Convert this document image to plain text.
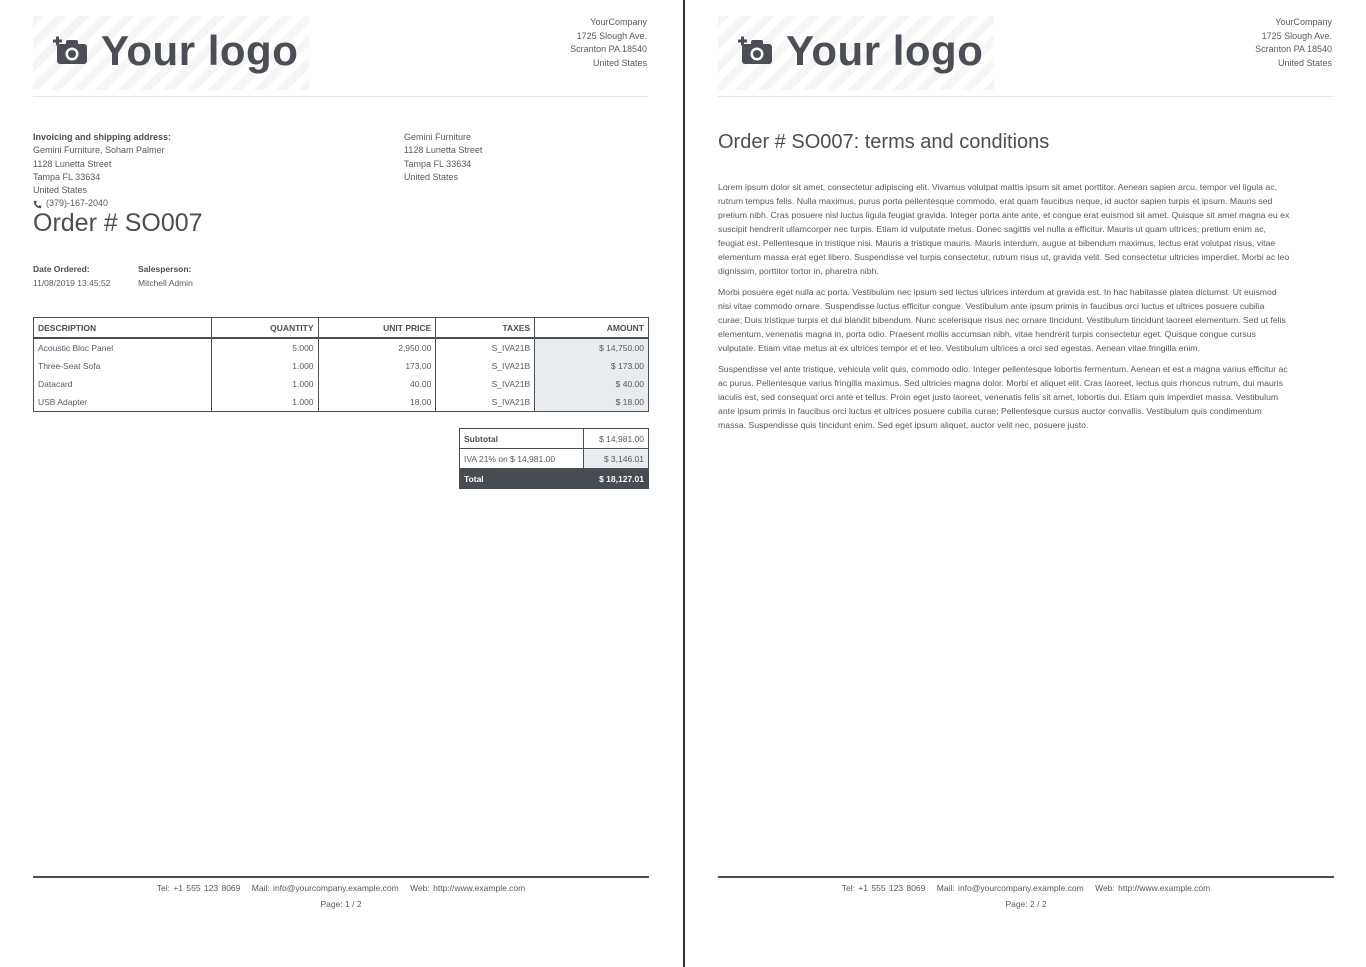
Your logo
YourCompany
1725 Slough Ave.
Scranton PA 18540
United States
Invoicing and shipping address:
Gemini Furniture, Soham Palmer
1128 Lunetta Street
Tampa FL 33634
United States
(379)-167-2040
Gemini Furniture
1128 Lunetta Street
Tampa FL 33634
United States
Order # SO007
Date Ordered:
11/08/2019 13:45:52
Salesperson:
Mitchell Admin
DESCRIPTION	QUANTITY	UNIT PRICE	TAXES	AMOUNT
Acoustic Bloc Panel	5.000	2,950.00	S_IVA21B	$ 14,750.00
Three-Seat Sofa	1.000	173.00	S_IVA21B	$ 173.00
Datacard	1.000	40.00	S_IVA21B	$ 40.00
USB Adapter	1.000	18.00	S_IVA21B	$ 18.00
Subtotal	$ 14,981.00
IVA 21% on $ 14,981.00	$ 3,146.01
Total	$ 18,127.01
Tel: +1 555 123 8069 Mail: info@yourcompany.example.com Web: http://www.example.com
Page: 1 / 2
Your logo
YourCompany
1725 Slough Ave.
Scranton PA 18540
United States
Order # SO007: terms and conditions

Lorem ipsum dolor sit amet, consectetur adipiscing elit. Vivamus volutpat mattis ipsum sit amet porttitor. Aenean sapien arcu, tempor vel ligula ac, rutrum tempus felis. Nulla maximus, purus porta pellentesque commodo, erat quam faucibus neque, id auctor sapien turpis et ipsum. Mauris sed pretium nibh. Cras posuere nisl luctus ligula feugiat gravida. Integer porta ante ante, et congue erat euismod sit amet. Quisque sit amet magna eu ex suscipit hendrerit ullamcorper nec turpis. Etiam id vulputate metus. Donec sagittis vel nulla a efficitur. Mauris ut quam ultrices, pretium enim ac, feugiat est. Pellentesque in tristique nisi. Mauris a tristique mauris. Mauris interdum, augue at bibendum maximus, lectus erat volutpat risus, vitae elementum massa erat eget libero. Suspendisse vel turpis consectetur, rutrum risus ut, gravida velit. Sed consectetur ultricies imperdiet. Morbi ac leo dignissim, porttitor tortor in, pharetra nibh.

Morbi posuere eget nulla ac porta. Vestibulum nec ipsum sed lectus ultrices interdum at gravida est. In hac habitasse platea dictumst. Ut euismod nisi vitae commodo ornare. Suspendisse luctus efficitur congue. Vestibulum ante ipsum primis in faucibus orci luctus et ultrices posuere cubilia curae; Duis tristique turpis et dui blandit bibendum. Nunc scelerisque risus nec ornare tincidunt. Vestibulum tincidunt laoreet elementum. Sed ut felis elementum, venenatis magna in, porta odio. Praesent mollis accumsan nibh, vitae hendrerit turpis consectetur eget. Quisque congue cursus vulputate. Etiam vitae metus at ex ultrices tempor et et leo. Vestibulum ultrices a orci sed egestas. Aenean vitae fringilla enim.

Suspendisse vel ante tristique, vehicula velit quis, commodo odio. Integer pellentesque lobortis fermentum. Aenean et est a magna varius efficitur ac ac purus. Pellentesque varius fringilla maximus. Sed ultricies magna dolor. Morbi et aliquet elit. Cras laoreet, lectus quis rhoncus rutrum, dui mauris iaculis est, sed consequat orci ante et tellus. Proin eget justo laoreet, venenatis felis sit amet, lobortis dui. Etiam quis imperdiet massa. Vestibulum ante ipsum primis in faucibus orci luctus et ultrices posuere cubilia curae; Pellentesque cursus auctor convallis. Vestibulum quis condimentum massa. Suspendisse quis tincidunt enim. Sed eget ipsum aliquet, auctor velit nec, posuere justo.

Tel: +1 555 123 8069 Mail: info@yourcompany.example.com Web: http://www.example.com
Page: 2 / 2
